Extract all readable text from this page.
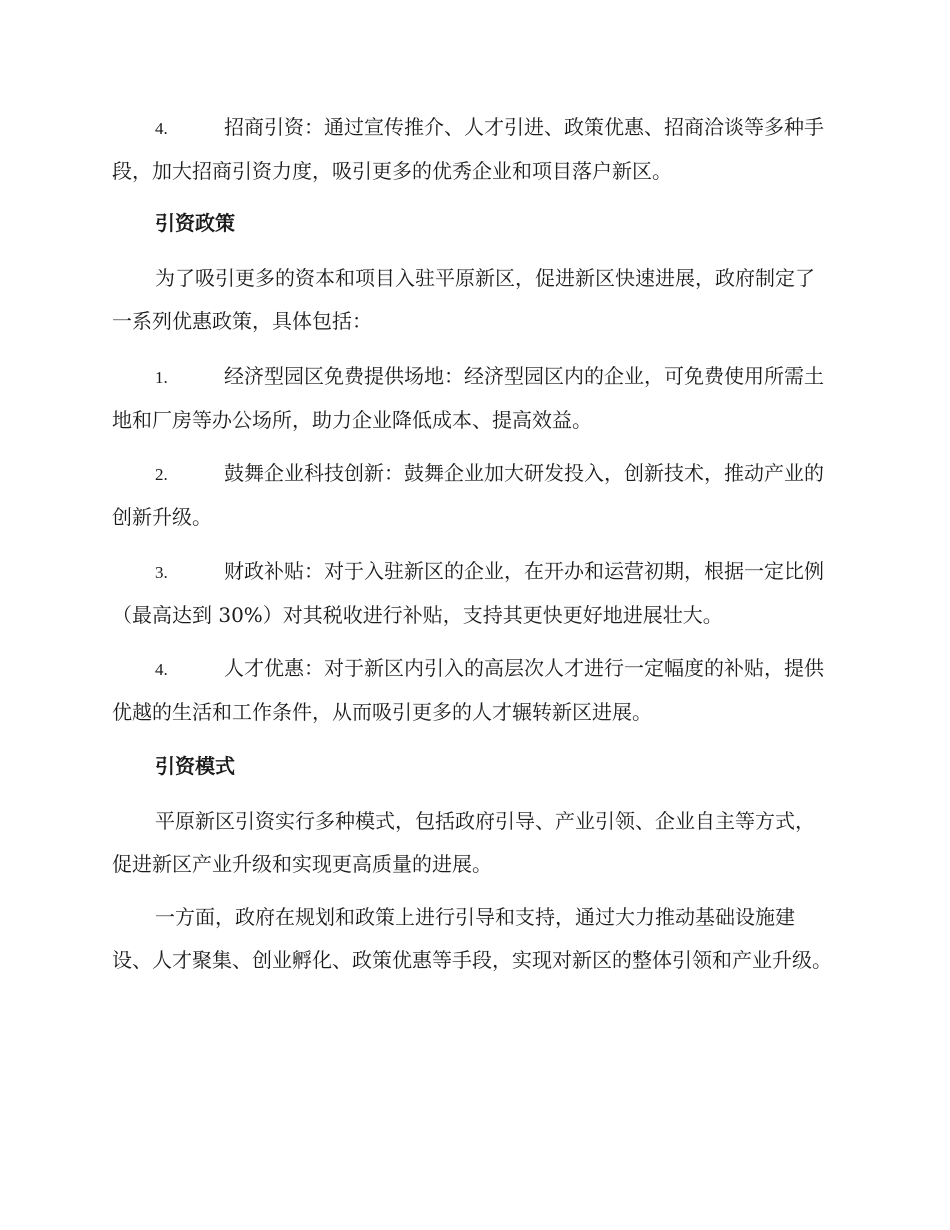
4.	招商引资：通过宣传推介、人才引进、政策优惠、招商洽谈等多种手段，加大招商引资力度，吸引更多的优秀企业和项目落户新区。

引资政策

为了吸引更多的资本和项目入驻平原新区，促进新区快速进展，政府制定了一系列优惠政策，具体包括：

1.	经济型园区免费提供场地：经济型园区内的企业，可免费使用所需土地和厂房等办公场所，助力企业降低成本、提高效益。

2.	鼓舞企业科技创新：鼓舞企业加大研发投入，创新技术，推动产业的创新升级。

3.	财政补贴：对于入驻新区的企业，在开办和运营初期，根据一定比例（最高达到 30%）对其税收进行补贴，支持其更快更好地进展壮大。

4.	人才优惠：对于新区内引入的高层次人才进行一定幅度的补贴，提供优越的生活和工作条件，从而吸引更多的人才辗转新区进展。

引资模式

平原新区引资实行多种模式，包括政府引导、产业引领、企业自主等方式，促进新区产业升级和实现更高质量的进展。

一方面，政府在规划和政策上进行引导和支持，通过大力推动基础设施建设、人才聚集、创业孵化、政策优惠等手段，实现对新区的整体引领和产业升级。
